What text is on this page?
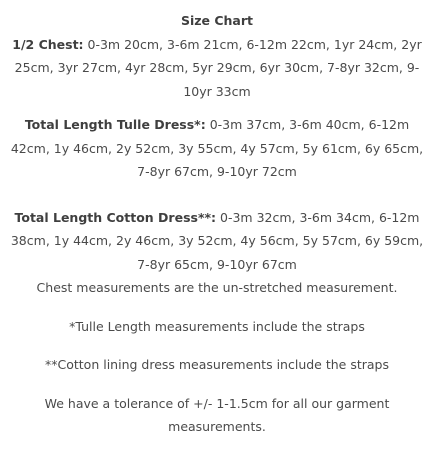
Size Chart

1/2 Chest: 0-3m 20cm, 3-6m 21cm, 6-12m 22cm, 1yr 24cm, 2yr 25cm, 3yr 27cm, 4yr 28cm, 5yr 29cm, 6yr 30cm, 7-8yr 32cm, 9-10yr 33cm

Total Length Tulle Dress*: 0-3m 37cm, 3-6m 40cm, 6-12m 42cm, 1y 46cm, 2y 52cm, 3y 55cm, 4y 57cm, 5y 61cm, 6y 65cm, 7-8yr 67cm, 9-10yr 72cm

Total Length Cotton Dress**: 0-3m 32cm, 3-6m 34cm, 6-12m 38cm, 1y 44cm, 2y 46cm, 3y 52cm, 4y 56cm, 5y 57cm, 6y 59cm, 7-8yr 65cm, 9-10yr 67cm

Chest measurements are the un-stretched measurement.

*Tulle Length measurements include the straps

**Cotton lining dress measurements include the straps

We have a tolerance of +/- 1-1.5cm for all our garment measurements.
